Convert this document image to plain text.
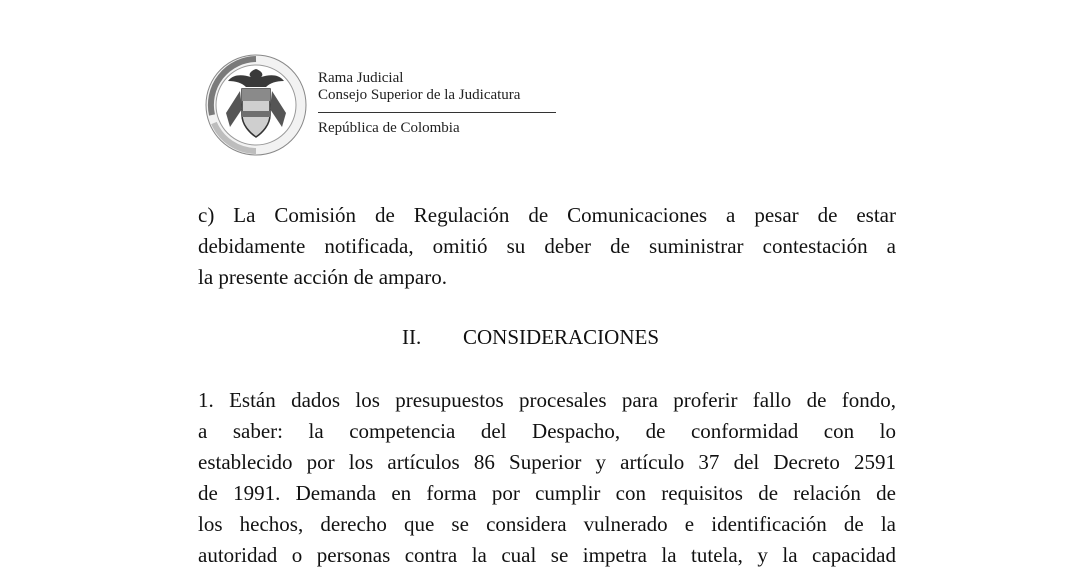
Rama Judicial
Consejo Superior de la Judicatura
República de Colombia

c) La Comisión de Regulación de Comunicaciones a pesar de estar
debidamente notificada, omitió su deber de suministrar contestación a
la presente acción de amparo.

II. CONSIDERACIONES

1. Están dados los presupuestos procesales para proferir fallo de fondo,
a saber: la competencia del Despacho, de conformidad con lo
establecido por los artículos 86 Superior y artículo 37 del Decreto 2591
de 1991. Demanda en forma por cumplir con requisitos de relación de
los hechos, derecho que se considera vulnerado e identificación de la
autoridad o personas contra la cual se impetra la tutela, y la capacidad
